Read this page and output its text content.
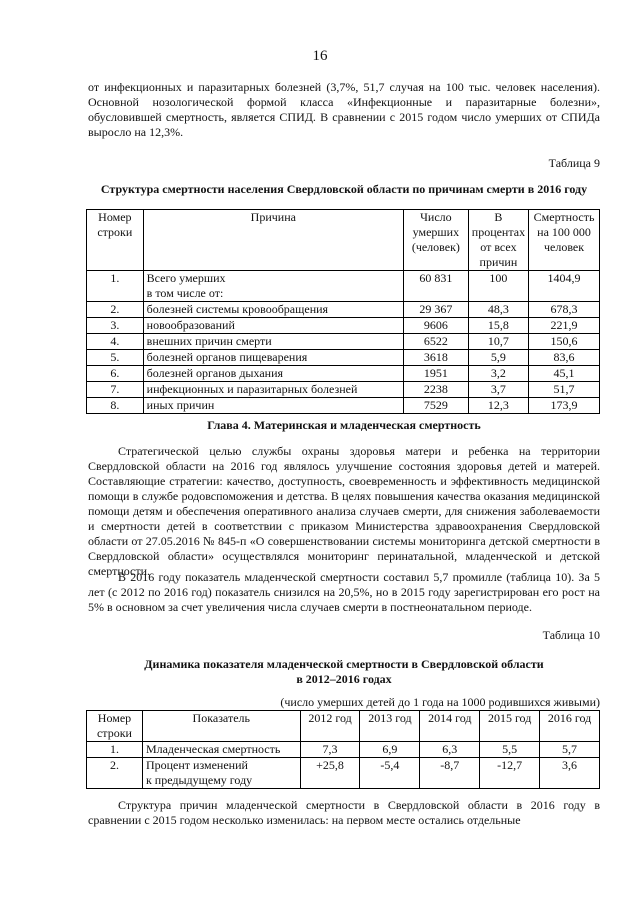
16

от инфекционных и паразитарных болезней (3,7%, 51,7 случая на 100 тыс. человек населения). Основной нозологической формой класса «Инфекционные и паразитарные болезни», обусловившей смертность, является СПИД. В сравнении с 2015 годом число умерших от СПИДа выросло на 12,3%.

Таблица 9

Структура смертности населения Свердловской области по причинам смерти в 2016 году

Номер строки	Причина	Число умерших (человек)	В процентах от всех причин	Смертность на 100 000 человек
1.	Всего умерших
в том числе от:	60 831	100	1404,9
2.	болезней системы кровообращения	29 367	48,3	678,3
3.	новообразований	9606	15,8	221,9
4.	внешних причин смерти	6522	10,7	150,6
5.	болезней органов пищеварения	3618	5,9	83,6
6.	болезней органов дыхания	1951	3,2	45,1
7.	инфекционных и паразитарных болезней	2238	3,7	51,7
8.	иных причин	7529	12,3	173,9

Глава 4. Материнская и младенческая смертность

Стратегической целью службы охраны здоровья матери и ребенка на территории Свердловской области на 2016 год являлось улучшение состояния здоровья детей и матерей. Составляющие стратегии: качество, доступность, своевременность и эффективность медицинской помощи в службе родовспоможения и детства. В целях повышения качества оказания медицинской помощи детям и обеспечения оперативного анализа случаев смерти, для снижения заболеваемости и смертности детей в соответствии с приказом Министерства здравоохранения Свердловской области от 27.05.2016 № 845-п «О совершенствовании системы мониторинга детской смертности в Свердловской области» осуществлялся мониторинг перинатальной, младенческой и детской смертности.

В 2016 году показатель младенческой смертности составил 5,7 промилле (таблица 10). За 5 лет (с 2012 по 2016 год) показатель снизился на 20,5%, но в 2015 году зарегистрирован его рост на 5% в основном за счет увеличения числа случаев смерти в постнеонатальном периоде.

Таблица 10

Динамика показателя младенческой смертности в Свердловской области

в 2012–2016 годах

(число умерших детей до 1 года на 1000 родившихся живыми)
Номер строки	Показатель	2012 год	2013 год	2014 год	2015 год	2016 год
1.	Младенческая смертность	7,3	6,9	6,3	5,5	5,7
2.	Процент изменений
к предыдущему году	+25,8	-5,4	-8,7	-12,7	3,6

Структура причин младенческой смертности в Свердловской области в 2016 году в сравнении с 2015 годом несколько изменилась: на первом месте остались отдельные
